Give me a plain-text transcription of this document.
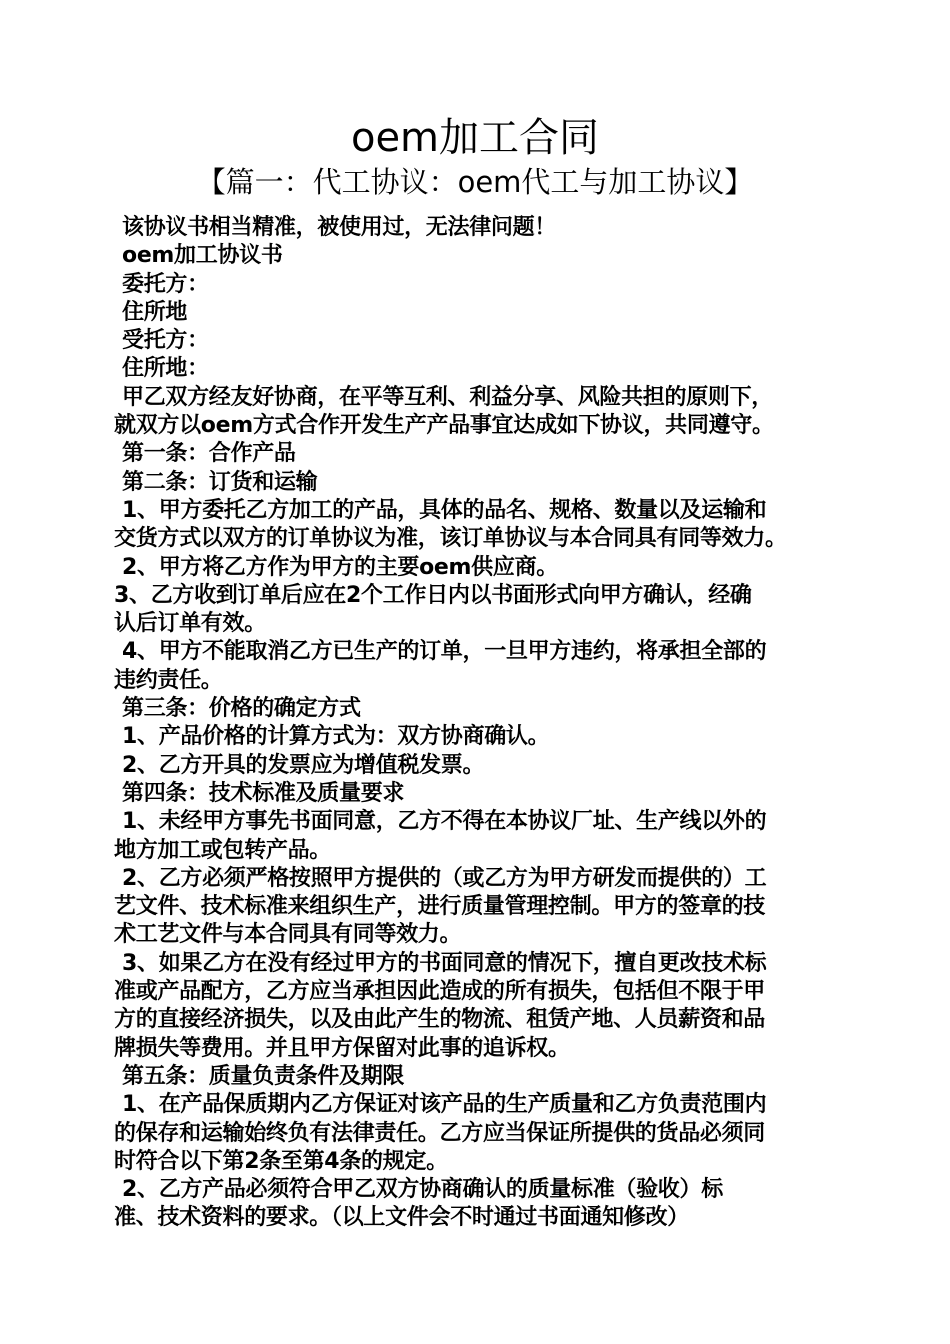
oem加工合同
【篇一：代工协议：oem代工与加工协议】
该协议书相当精准，被使用过，无法律问题！
oem加工协议书
委托方：
住所地
受托方：
住所地：
甲乙双方经友好协商，在平等互利、利益分享、风险共担的原则下，
就双方以oem方式合作开发生产产品事宜达成如下协议，共同遵守。
第一条：合作产品
第二条：订货和运输
1、甲方委托乙方加工的产品，具体的品名、规格、数量以及运输和
交货方式以双方的订单协议为准，该订单协议与本合同具有同等效力。
2、甲方将乙方作为甲方的主要oem供应商。
3、乙方收到订单后应在2个工作日内以书面形式向甲方确认，经确
认后订单有效。
4、甲方不能取消乙方已生产的订单，一旦甲方违约，将承担全部的
违约责任。
第三条：价格的确定方式
1、产品价格的计算方式为：双方协商确认。
2、乙方开具的发票应为增值税发票。
第四条：技术标准及质量要求
1、未经甲方事先书面同意，乙方不得在本协议厂址、生产线以外的
地方加工或包转产品。
2、乙方必须严格按照甲方提供的（或乙方为甲方研发而提供的）工
艺文件、技术标准来组织生产，进行质量管理控制。甲方的签章的技
术工艺文件与本合同具有同等效力。
3、如果乙方在没有经过甲方的书面同意的情况下，擅自更改技术标
准或产品配方，乙方应当承担因此造成的所有损失，包括但不限于甲
方的直接经济损失，以及由此产生的物流、租赁产地、人员薪资和品
牌损失等费用。并且甲方保留对此事的追诉权。
第五条：质量负责条件及期限
1、在产品保质期内乙方保证对该产品的生产质量和乙方负责范围内
的保存和运输始终负有法律责任。乙方应当保证所提供的货品必须同
时符合以下第2条至第4条的规定。
2、乙方产品必须符合甲乙双方协商确认的质量标准（验收）标
准、技术资料的要求。（以上文件会不时通过书面通知修改）
